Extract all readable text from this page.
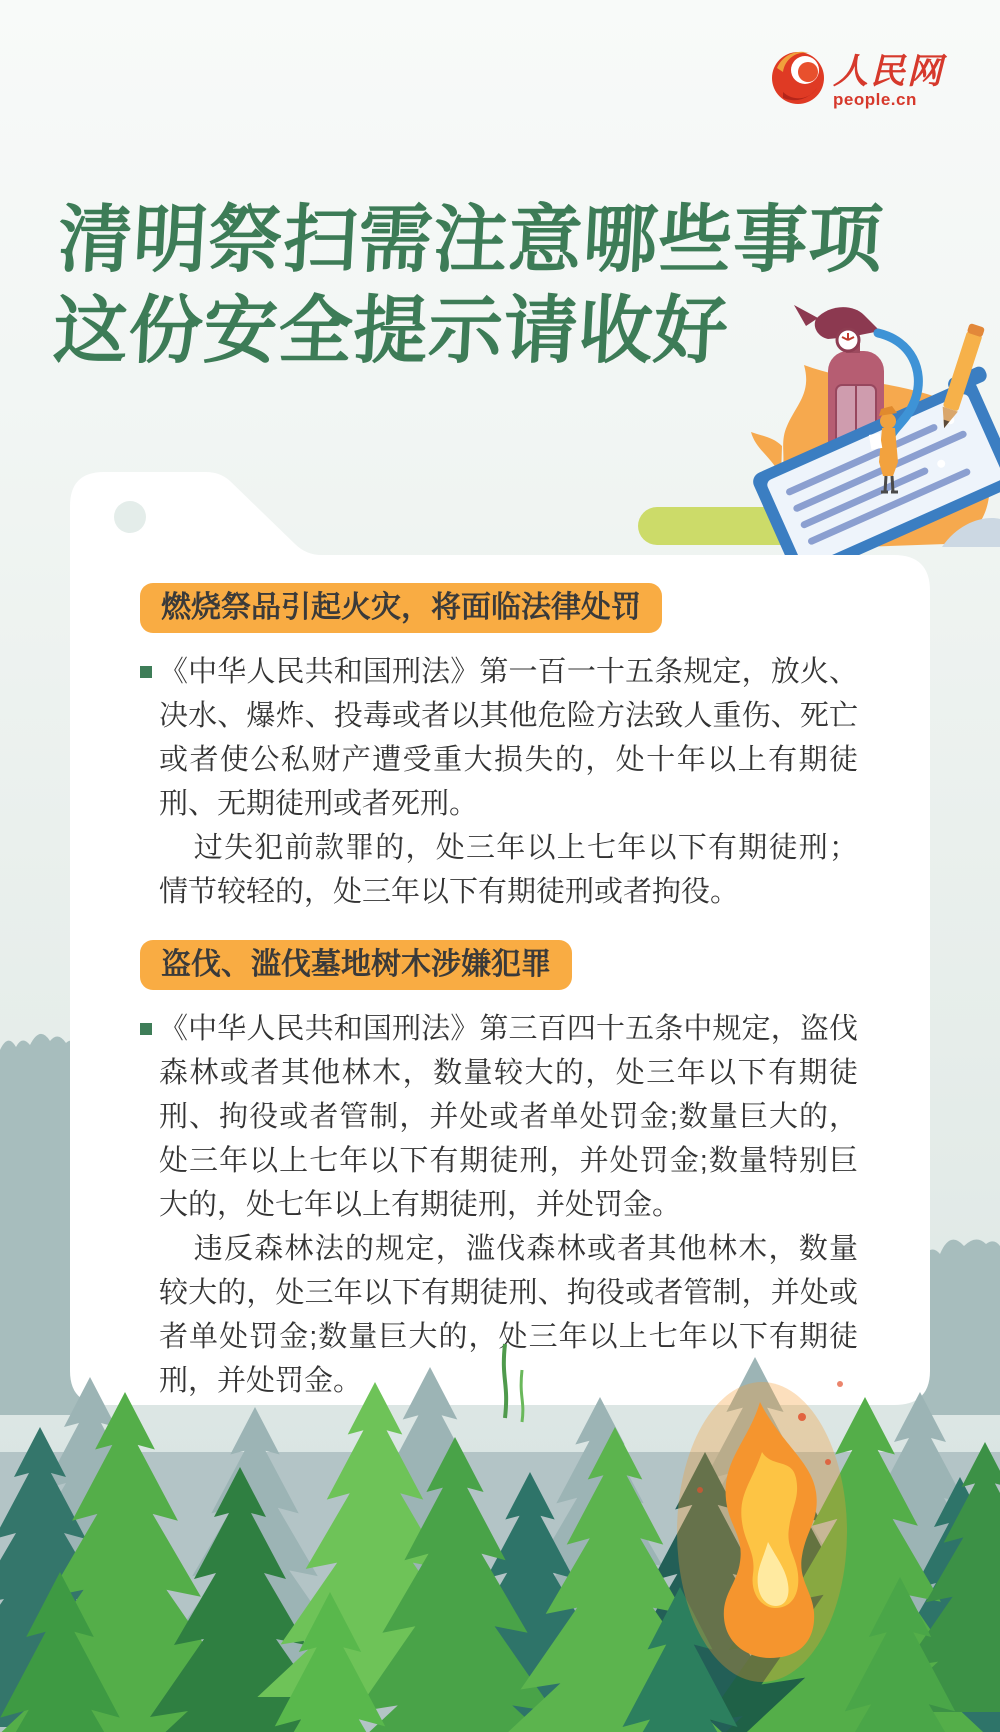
人民网
people.cn
清明祭扫需注意哪些事项
这份安全提示请收好
燃烧祭品引起火灾，将面临法律处罚

《中华人民共和国刑法》第一百一十五条规定，放火、决水、爆炸、投毒或者以其他危险方法致人重伤、死亡或者使公私财产遭受重大损失的，处十年以上有期徒刑、无期徒刑或者死刑。

过失犯前款罪的，处三年以上七年以下有期徒刑；情节较轻的，处三年以下有期徒刑或者拘役。

盗伐、滥伐墓地树木涉嫌犯罪

《中华人民共和国刑法》第三百四十五条中规定，盗伐森林或者其他林木，数量较大的，处三年以下有期徒刑、拘役或者管制，并处或者单处罚金;数量巨大的，处三年以上七年以下有期徒刑，并处罚金;数量特别巨大的，处七年以上有期徒刑，并处罚金。

违反森林法的规定，滥伐森林或者其他林木，数量较大的，处三年以下有期徒刑、拘役或者管制，并处或者单处罚金;数量巨大的，处三年以上七年以下有期徒刑，并处罚金。
